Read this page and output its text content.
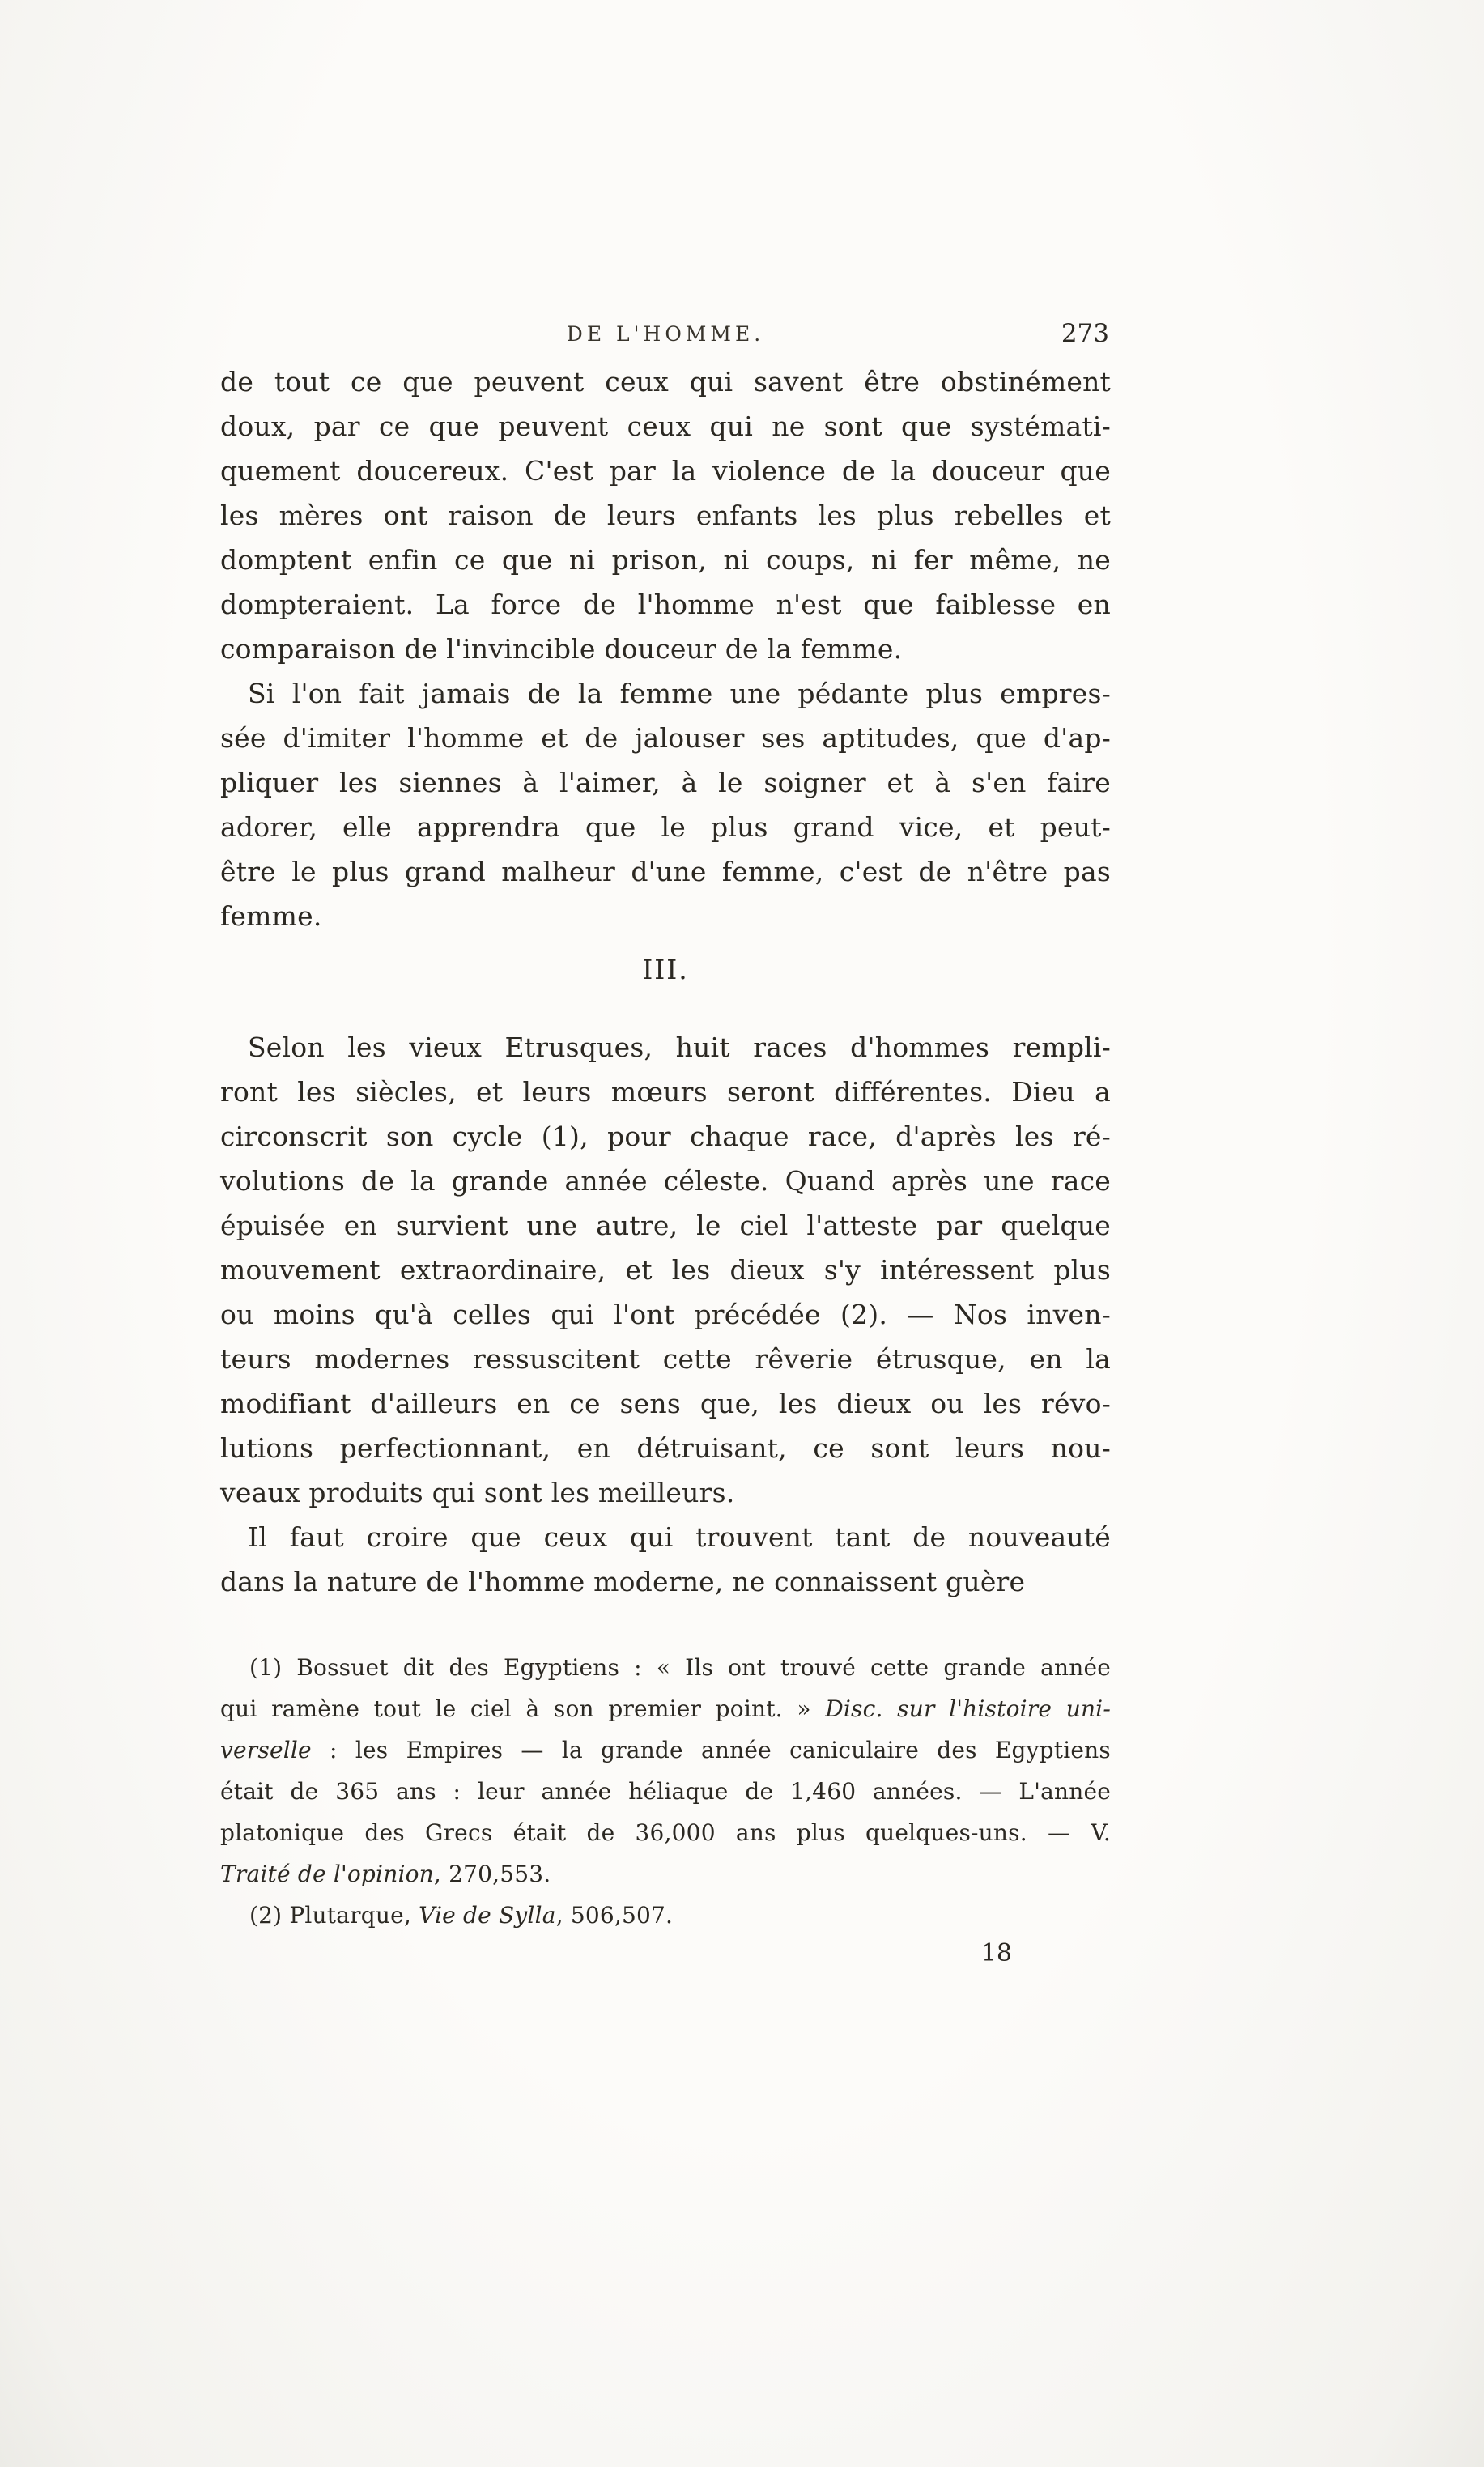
DE L'HOMME.	273
de tout ce que peuvent ceux qui savent être obstinément
doux, par ce que peuvent ceux qui ne sont que systémati-
quement doucereux. C'est par la violence de la douceur que
les mères ont raison de leurs enfants les plus rebelles et
domptent enfin ce que ni prison, ni coups, ni fer même, ne
dompteraient. La force de l'homme n'est que faiblesse en
comparaison de l'invincible douceur de la femme.
Si l'on fait jamais de la femme une pédante plus empres-
sée d'imiter l'homme et de jalouser ses aptitudes, que d'ap-
pliquer les siennes à l'aimer, à le soigner et à s'en faire
adorer, elle apprendra que le plus grand vice, et peut-
être le plus grand malheur d'une femme, c'est de n'être pas
femme.
III.
Selon les vieux Etrusques, huit races d'hommes rempli-
ront les siècles, et leurs mœurs seront différentes. Dieu a
circonscrit son cycle (1), pour chaque race, d'après les ré-
volutions de la grande année céleste. Quand après une race
épuisée en survient une autre, le ciel l'atteste par quelque
mouvement extraordinaire, et les dieux s'y intéressent plus
ou moins qu'à celles qui l'ont précédée (2). — Nos inven-
teurs modernes ressuscitent cette rêverie étrusque, en la
modifiant d'ailleurs en ce sens que, les dieux ou les révo-
lutions perfectionnant, en détruisant, ce sont leurs nou-
veaux produits qui sont les meilleurs.
Il faut croire que ceux qui trouvent tant de nouveauté
dans la nature de l'homme moderne, ne connaissent guère
(1) Bossuet dit des Egyptiens : « Ils ont trouvé cette grande année
qui ramène tout le ciel à son premier point. » Disc. sur l'histoire uni-
verselle : les Empires — la grande année caniculaire des Egyptiens
était de 365 ans : leur année héliaque de 1,460 années. — L'année
platonique des Grecs était de 36,000 ans plus quelques-uns. — V.
Traité de l'opinion, 270,553.
(2) Plutarque, Vie de Sylla, 506,507.
18
